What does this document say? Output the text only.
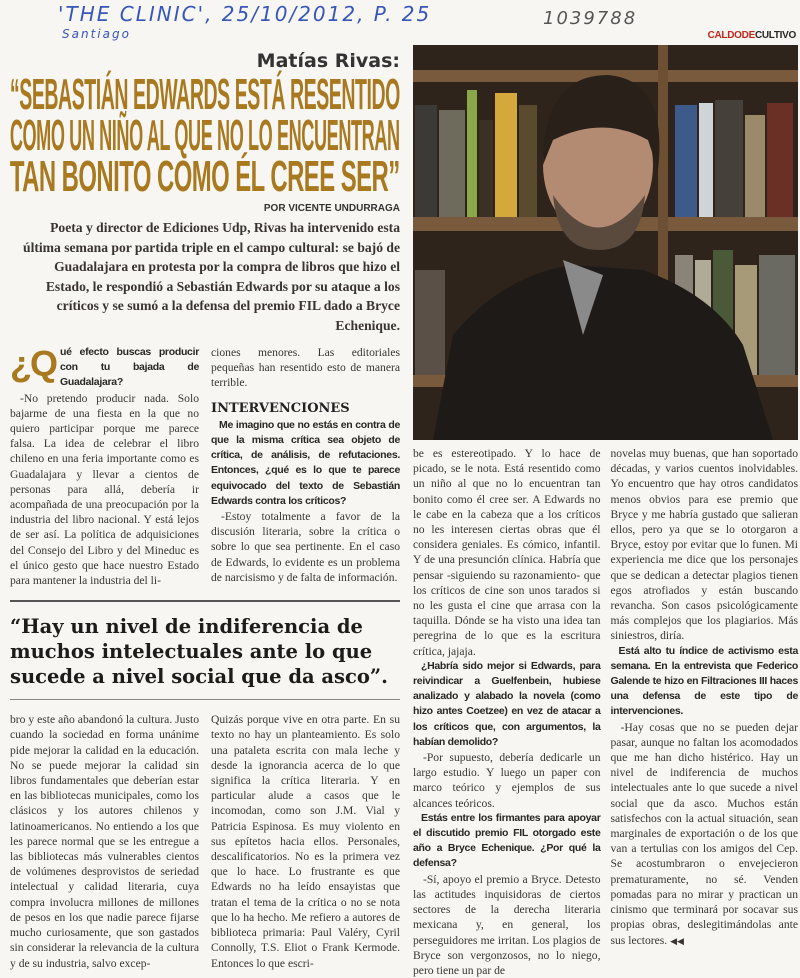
'THE CLINIC', 25/10/2012, P. 25
Santiago
1039788
CALDODECULTIVO
Matías Rivas:
“SEBASTIÁN EDWARDS ESTÁ RESENTIDO
COMO UN NIÑO AL QUE NO LO ENCUENTRAN
TAN BONITO COMO ÉL CREE SER”
POR VICENTE UNDURRAGA
Poeta y director de Ediciones Udp, Rivas ha intervenido esta última semana por partida triple en el campo cultural: se bajó de Guadalajara en protesta por la compra de libros que hizo el Estado, le respondió a Sebastián Edwards por su ataque a los críticos y se sumó a la defensa del premio FIL dado a Bryce Echenique.
¿Q ué efecto buscas producir con tu bajada de Guadalajara?

-No pretendo producir nada. Solo bajarme de una fiesta en la que no quiero participar porque me parece falsa. La idea de celebrar el libro chileno en una feria importante como es Guadalajara y llevar a cientos de personas para allá, debería ir acompañada de una preocupación por la industria del libro nacional. Y está lejos de ser así. La política de adquisiciones del Consejo del Libro y del Mineduc es el único gesto que hace nuestro Estado para mantener la industria del li-

ciones menores. Las editoriales pequeñas han resentido esto de manera terrible.

INTERVENCIONES
Me imagino que no estás en contra de que la misma crítica sea objeto de crítica, de análisis, de refutaciones. Entonces, ¿qué es lo que te parece equivocado del texto de Sebastián Edwards contra los críticos?

-Estoy totalmente a favor de la discusión literaria, sobre la crítica o sobre lo que sea pertinente. En el caso de Edwards, lo evidente es un problema de narcisismo y de falta de información.

“Hay un nivel de indiferencia de muchos intelectuales ante lo que sucede a nivel social que da asco”.

bro y este año abandonó la cultura. Justo cuando la sociedad en forma unánime pide mejorar la calidad en la educación. No se puede mejorar la calidad sin libros fundamentales que deberían estar en las bibliotecas municipales, como los clásicos y los autores chilenos y latinoamericanos. No entiendo a los que les parece normal que se les entregue a las bibliotecas más vulnerables cientos de volúmenes desprovistos de seriedad intelectual y calidad literaria, cuya compra involucra millones de millones de pesos en los que nadie parece fijarse mucho curiosamente, que son gastados sin considerar la relevancia de la cultura y de su industria, salvo excep-

Quizás porque vive en otra parte. En su texto no hay un planteamiento. Es solo una pataleta escrita con mala leche y desde la ignorancia acerca de lo que significa la crítica literaria. Y en particular alude a casos que le incomodan, como son J.M. Vial y Patricia Espinosa. Es muy violento en sus epítetos hacia ellos. Personales, descalificatorios. No es la primera vez que lo hace. Lo frustrante es que Edwards no ha leído ensayistas que tratan el tema de la crítica o no se nota que lo ha hecho. Me refiero a autores de biblioteca primaria: Paul Valéry, Cyril Connolly, T.S. Eliot o Frank Kermode. Entonces lo que escri-

be es estereotipado. Y lo hace de picado, se le nota. Está resentido como un niño al que no lo encuentran tan bonito como él cree ser. A Edwards no le cabe en la cabeza que a los críticos no les interesen ciertas obras que él considera geniales. Es cómico, infantil. Y de una presunción clínica. Habría que pensar -siguiendo su razonamiento- que los críticos de cine son unos tarados si no les gusta el cine que arrasa con la taquilla. Dónde se ha visto una idea tan peregrina de lo que es la escritura crítica, jajaja.

¿Habría sido mejor si Edwards, para reivindicar a Guelfenbein, hubiese analizado y alabado la novela (como hizo antes Coetzee) en vez de atacar a los críticos que, con argumentos, la habían demolido?

-Por supuesto, debería dedicarle un largo estudio. Y luego un paper con marco teórico y ejemplos de sus alcances teóricos.

Estás entre los firmantes para apoyar el discutido premio FIL otorgado este año a Bryce Echenique. ¿Por qué la defensa?

-Sí, apoyo el premio a Bryce. Detesto las actitudes inquisidoras de ciertos sectores de la derecha literaria mexicana y, en general, los perseguidores me irritan. Los plagios de Bryce son vergonzosos, no lo niego, pero tiene un par de

novelas muy buenas, que han soportado décadas, y varios cuentos inolvidables. Yo encuentro que hay otros candidatos menos obvios para ese premio que Bryce y me habría gustado que salieran ellos, pero ya que se lo otorgaron a Bryce, estoy por evitar que lo funen. Mi experiencia me dice que los personajes que se dedican a detectar plagios tienen egos atrofiados y están buscando revancha. Son casos psicológicamente más complejos que los plagiarios. Más siniestros, diría.

Está alto tu índice de activismo esta semana. En la entrevista que Federico Galende te hizo en Filtraciones III haces una defensa de este tipo de intervenciones.

-Hay cosas que no se pueden dejar pasar, aunque no faltan los acomodados que me han dicho histérico. Hay un nivel de indiferencia de muchos intelectuales ante lo que sucede a nivel social que da asco. Muchos están satisfechos con la actual situación, sean marginales de exportación o de los que van a tertulias con los amigos del Cep. Se acostumbraron o envejecieron prematuramente, no sé. Venden pomadas para no mirar y practican un cinismo que terminará por socavar sus propias obras, deslegitimándolas ante sus lectores. ◀◀
